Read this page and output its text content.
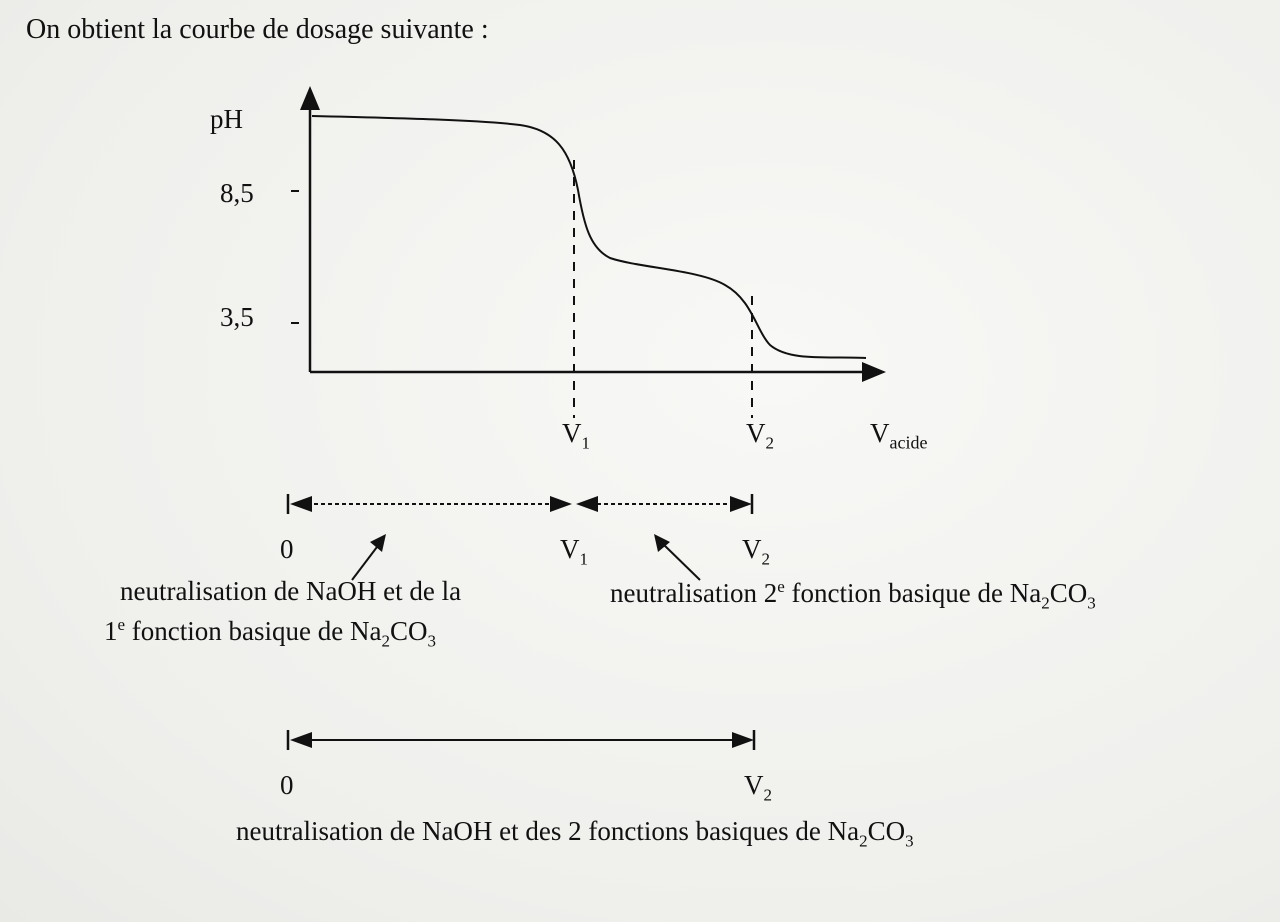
On obtient la courbe de dosage suivante :
pH
8,5
3,5
$V_1$	$V_2$	$V_{acide}$
0	$V_1$	$V_2$
neutralisation de NaOH et de la
1e fonction basique de $Na_2CO_3$
neutralisation 2e fonction basique de $Na_2CO_3$
0	$V_2$
neutralisation de NaOH et des 2 fonctions basiques de $Na_2CO_3$
